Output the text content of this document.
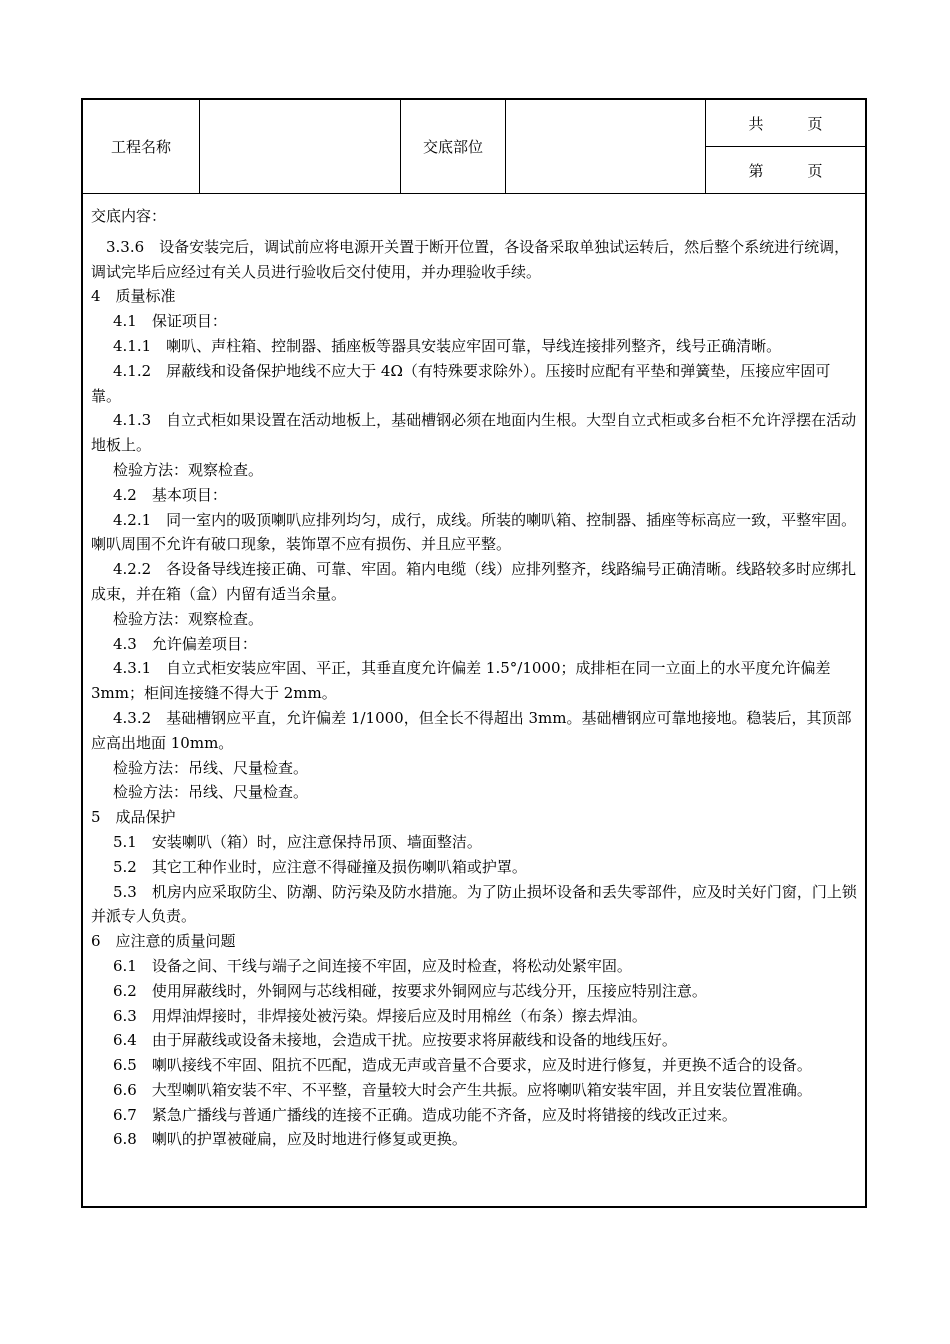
工程名称	交底部位
共	页
第	页

交底内容：

3.3.6　设备安装完后，调试前应将电源开关置于断开位置，各设备采取单独试运转后，然后整个系统进行统调，调试完毕后应经过有关人员进行验收后交付使用，并办理验收手续。

4　质量标准

4.1　保证项目：

4.1.1　喇叭、声柱箱、控制器、插座板等器具安装应牢固可靠，导线连接排列整齐，线号正确清晰。

4.1.2　屏蔽线和设备保护地线不应大于 4Ω（有特殊要求除外）。压接时应配有平垫和弹簧垫，压接应牢固可靠。

4.1.3　自立式柜如果设置在活动地板上，基础槽钢必须在地面内生根。大型自立式柜或多台柜不允许浮摆在活动地板上。

检验方法：观察检查。

4.2　基本项目：

4.2.1　同一室内的吸顶喇叭应排列均匀，成行，成线。所装的喇叭箱、控制器、插座等标高应一致，平整牢固。喇叭周围不允许有破口现象，装饰罩不应有损伤、并且应平整。

4.2.2　各设备导线连接正确、可靠、牢固。箱内电缆（线）应排列整齐，线路编号正确清晰。线路较多时应绑扎成束，并在箱（盒）内留有适当余量。

检验方法：观察检查。

4.3　允许偏差项目：

4.3.1　自立式柜安装应牢固、平正，其垂直度允许偏差 1.5°/1000；成排柜在同一立面上的水平度允许偏差 3mm；柜间连接缝不得大于 2mm。

4.3.2　基础槽钢应平直，允许偏差 1/1000，但全长不得超出 3mm。基础槽钢应可靠地接地。稳装后，其顶部应高出地面 10mm。

检验方法：吊线、尺量检查。

检验方法：吊线、尺量检查。

5　成品保护

5.1　安装喇叭（箱）时，应注意保持吊顶、墙面整洁。

5.2　其它工种作业时，应注意不得碰撞及损伤喇叭箱或护罩。

5.3　机房内应采取防尘、防潮、防污染及防水措施。为了防止损坏设备和丢失零部件，应及时关好门窗，门上锁并派专人负责。

6　应注意的质量问题

6.1　设备之间、干线与端子之间连接不牢固，应及时检查，将松动处紧牢固。

6.2　使用屏蔽线时，外铜网与芯线相碰，按要求外铜网应与芯线分开，压接应特别注意。

6.3　用焊油焊接时，非焊接处被污染。焊接后应及时用棉丝（布条）擦去焊油。

6.4　由于屏蔽线或设备未接地，会造成干扰。应按要求将屏蔽线和设备的地线压好。

6.5　喇叭接线不牢固、阻抗不匹配，造成无声或音量不合要求，应及时进行修复，并更换不适合的设备。

6.6　大型喇叭箱安装不牢、不平整，音量较大时会产生共振。应将喇叭箱安装牢固，并且安装位置准确。

6.7　紧急广播线与普通广播线的连接不正确。造成功能不齐备，应及时将错接的线改正过来。

6.8　喇叭的护罩被碰扁，应及时地进行修复或更换。
